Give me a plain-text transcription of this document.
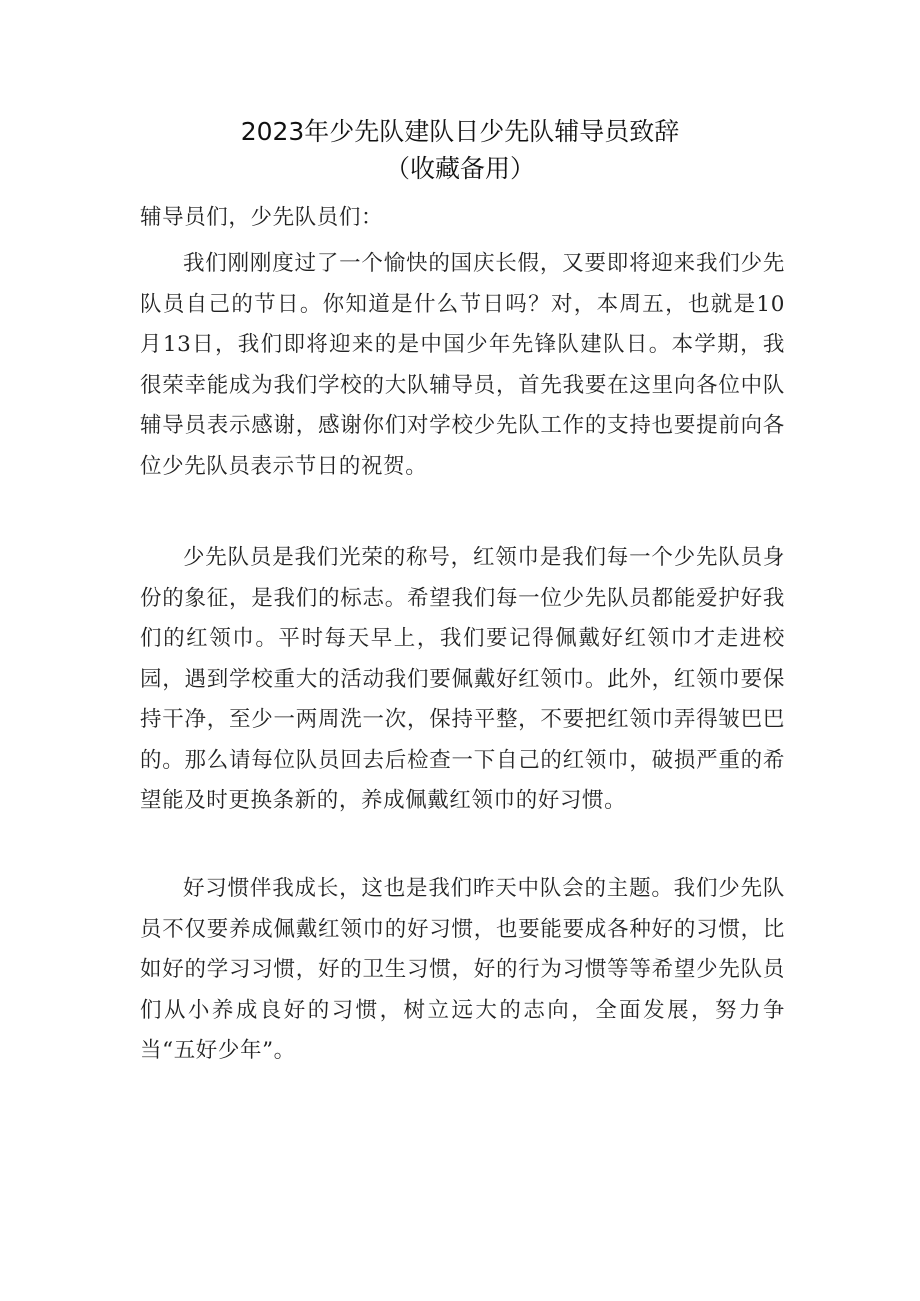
2023年少先队建队日少先队辅导员致辞
（收藏备用）
辅导员们，少先队员们：

我们刚刚度过了一个愉快的国庆长假，又要即将迎来我们少先队员自己的节日。你知道是什么节日吗？对，本周五，也就是10月13日，我们即将迎来的是中国少年先锋队建队日。本学期，我很荣幸能成为我们学校的大队辅导员，首先我要在这里向各位中队辅导员表示感谢，感谢你们对学校少先队工作的支持也要提前向各位少先队员表示节日的祝贺。

少先队员是我们光荣的称号，红领巾是我们每一个少先队员身份的象征，是我们的标志。希望我们每一位少先队员都能爱护好我们的红领巾。平时每天早上，我们要记得佩戴好红领巾才走进校园，遇到学校重大的活动我们要佩戴好红领巾。此外，红领巾要保持干净，至少一两周洗一次，保持平整，不要把红领巾弄得皱巴巴的。那么请每位队员回去后检查一下自己的红领巾，破损严重的希望能及时更换条新的，养成佩戴红领巾的好习惯。

好习惯伴我成长，这也是我们昨天中队会的主题。我们少先队员不仅要养成佩戴红领巾的好习惯，也要能要成各种好的习惯，比如好的学习习惯，好的卫生习惯，好的行为习惯等等希望少先队员们从小养成良好的习惯，树立远大的志向，全面发展，努力争当“五好少年”。
